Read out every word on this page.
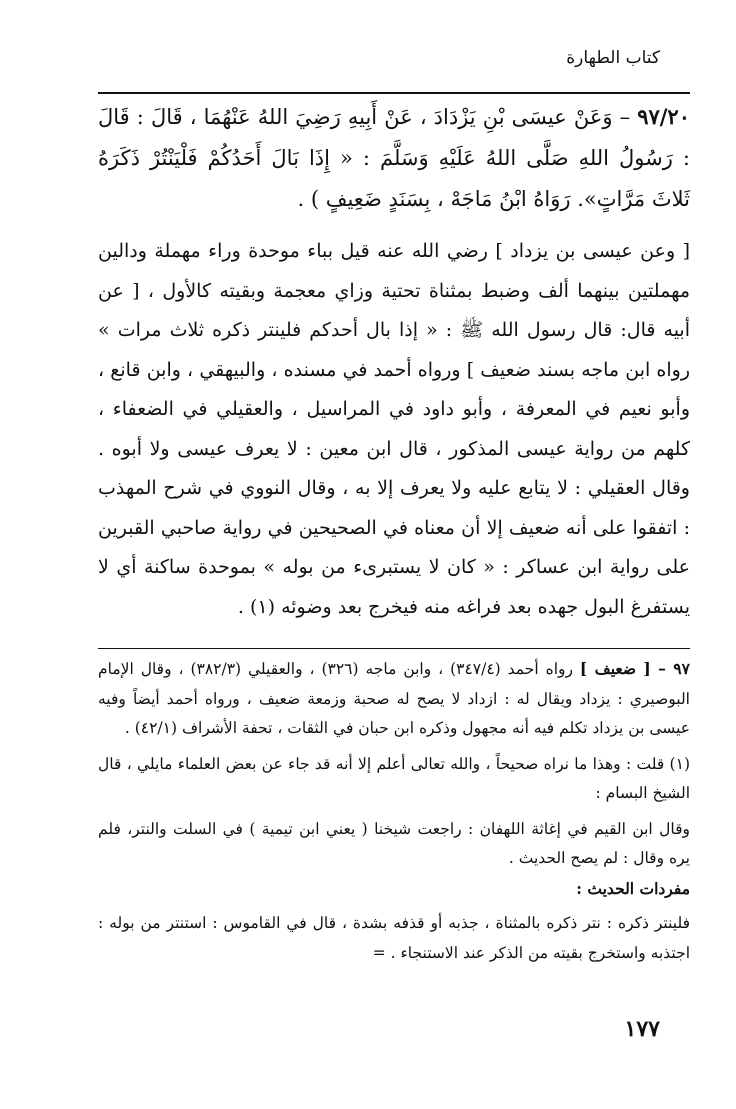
كتاب الطهارة
٩٧/٢٠ – وَعَنْ عيسَى بْنِ يَزْدَادَ ، عَنْ أَبِيهِ رَضِيَ اللهُ عَنْهُمَا ، قَالَ : قَالَ : رَسُولُ اللهِ صَلَّى اللهُ عَلَيْهِ وَسَلَّمَ : « إِذَا بَالَ أَحَدُكُمْ فَلْيَنْتُرْ ذَكَرَهُ ثَلاثَ مَرَّاتٍ». رَوَاهُ ابْنُ مَاجَهْ ، بِسَنَدٍ ضَعِيفٍ ) .
[ وعن عيسى بن يزداد ] رضي الله عنه قيل بباء موحدة وراء مهملة ودالين مهملتين بينهما ألف وضبط بمثناة تحتية وزاي معجمة وبقيته كالأول ، [ عن أبيه قال: قال رسول الله ﷺ : « إذا بال أحدكم فلينتر ذكره ثلاث مرات » رواه ابن ماجه بسند ضعيف ] ورواه أحمد في مسنده ، والبيهقي ، وابن قانع ، وأبو نعيم في المعرفة ، وأبو داود في المراسيل ، والعقيلي في الضعفاء ، كلهم من رواية عيسى المذكور ، قال ابن معين : لا يعرف عيسى ولا أبوه . وقال العقيلي : لا يتابع عليه ولا يعرف إلا به ، وقال النووي في شرح المهذب : اتفقوا على أنه ضعيف إلا أن معناه في الصحيحين في رواية صاحبي القبرين على رواية ابن عساكر : « كان لا يستبرىء من بوله » بموحدة ساكنة أي لا يستفرغ البول جهده بعد فراغه منه فيخرج بعد وضوئه (١) .

٩٧ – [ ضعيف ] رواه أحمد (٣٤٧/٤) ، وابن ماجه (٣٢٦) ، والعقيلي (٣٨٢/٣) ، وقال الإمام البوصيري : يزداد ويقال له : ازداد لا يصح له صحبة وزمعة ضعيف ، ورواه أحمد أيضاً وفيه عيسى بن يزداد تكلم فيه أنه مجهول وذكره ابن حبان في الثقات ، تحفة الأشراف (٤٢/١) .

(١) قلت : وهذا ما نراه صحيحاً ، والله تعالى أعلم إلا أنه قد جاء عن بعض العلماء مايلي ، قال الشيخ البسام :

وقال ابن القيم في إغاثة اللهفان : راجعت شيخنا ( يعني ابن تيمية ) في السلت والنتر، فلم يره وقال : لم يصح الحديث .

مفردات الحديث :

فلينتر ذكره : نتر ذكره بالمثناة ، جذبه أو قذفه بشدة ، قال في القاموس : استنتر من بوله : اجتذبه واستخرج بقيته من الذكر عند الاستنجاء . =

١٧٧
